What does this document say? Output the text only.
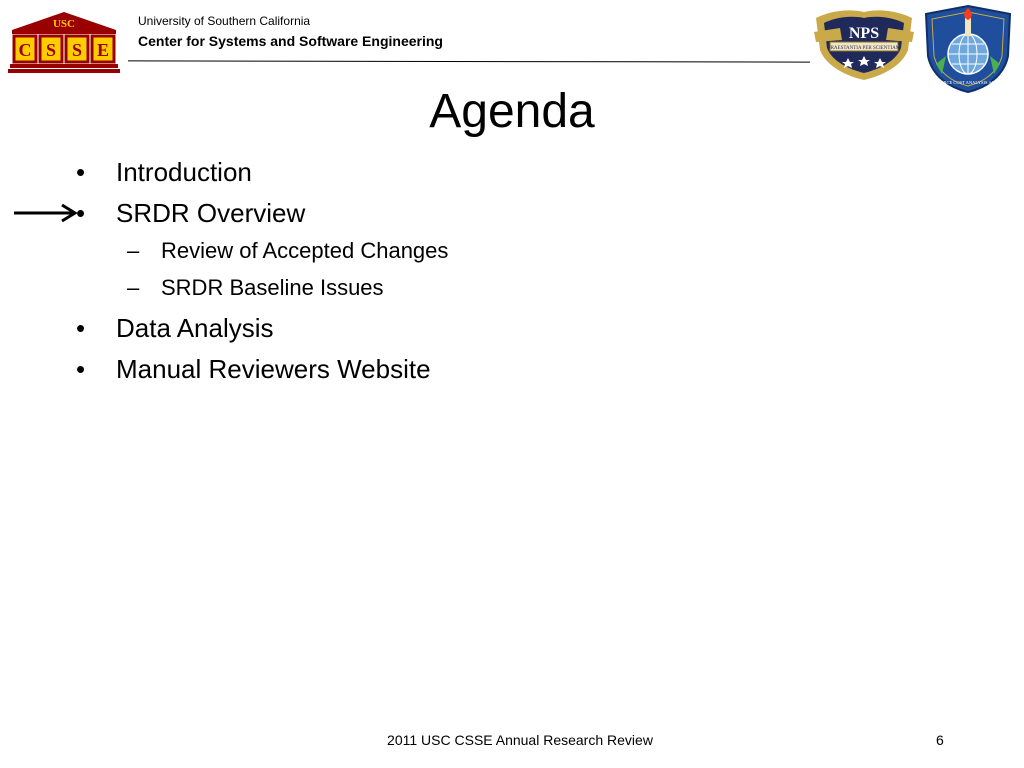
USC
C S S E
University of Southern California
Center for Systems and Software Engineering	PRAESTANTIA PER SCIENTIAM
NPS
AIR FORCE COST ANALYSIS AGENCY
Agenda
• Introduction
• SRDR Overview
– Review of Accepted Changes
– SRDR Baseline Issues
• Data Analysis
• Manual Reviewers Website
2011 USC CSSE Annual Research Review	6
